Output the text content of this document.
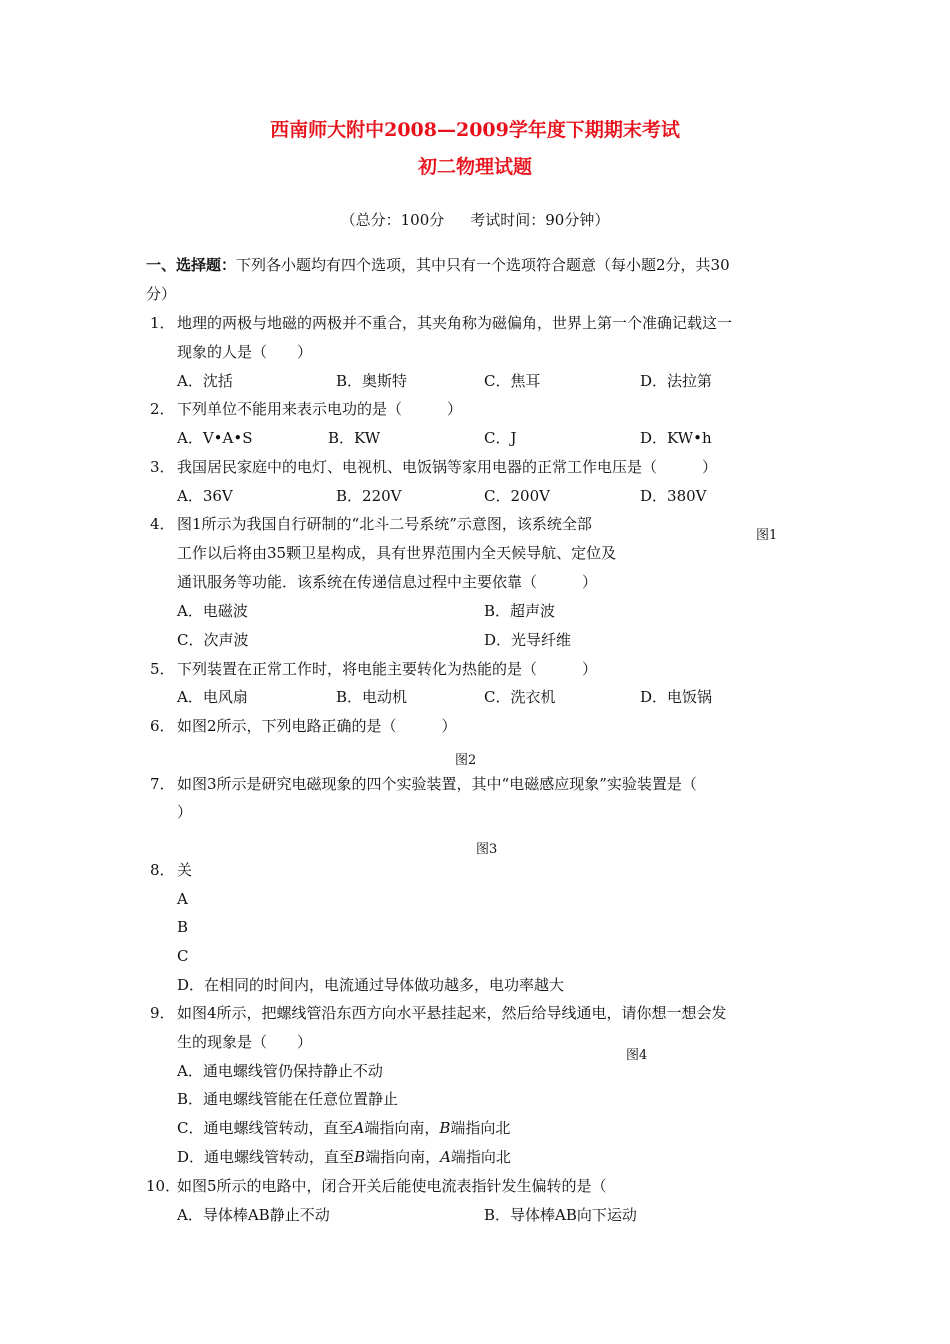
西南师大附中2008—2009学年度下期期末考试
初二物理试题
（总分：100分 考试时间：90分钟）
一、选择题：下列各小题均有四个选项，其中只有一个选项符合题意（每小题2分，共30
分）
1． 地理的两极与地磁的两极并不重合，其夹角称为磁偏角，世界上第一个准确记载这一
现象的人是（　　）
A．沈括	B．奥斯特	C．焦耳	D．法拉第
2． 下列单位不能用来表示电功的是（　　　）
A．V•A•S	B．KW	C．J	D．KW•h
3． 我国居民家庭中的电灯、电视机、电饭锅等家用电器的正常工作电压是（　　　）
A．36V	B．220V	C．200V	D．380V
4． 图1所示为我国自行研制的“北斗二号系统”示意图，该系统全部
图1
工作以后将由35颗卫星构成，具有世界范围内全天候导航、定位及
通讯服务等功能．该系统在传递信息过程中主要依靠（　　　）
A．电磁波	B．超声波
C．次声波	D．光导纤维
5． 下列装置在正常工作时，将电能主要转化为热能的是（　　　）
A．电风扇	B．电动机	C．洗衣机	D．电饭锅
6． 如图2所示，下列电路正确的是（　　　）
图2
7． 如图3所示是研究电磁现象的四个实验装置，其中“电磁感应现象”实验装置是（
）
图3
8． 关
A
B
C
D．在相同的时间内，电流通过导体做功越多，电功率越大
9． 如图4所示，把螺线管沿东西方向水平悬挂起来，然后给导线通电，请你想一想会发
生的现象是（　　）
图4
A．通电螺线管仍保持静止不动
B．通电螺线管能在任意位置静止
C．通电螺线管转动，直至A端指向南，B端指向北
D．通电螺线管转动，直至B端指向南，A端指向北
10．
如图5所示的电路中，闭合开关后能使电流表指针发生偏转的是（
A．导体棒AB静止不动	B．导体棒AB向下运动
